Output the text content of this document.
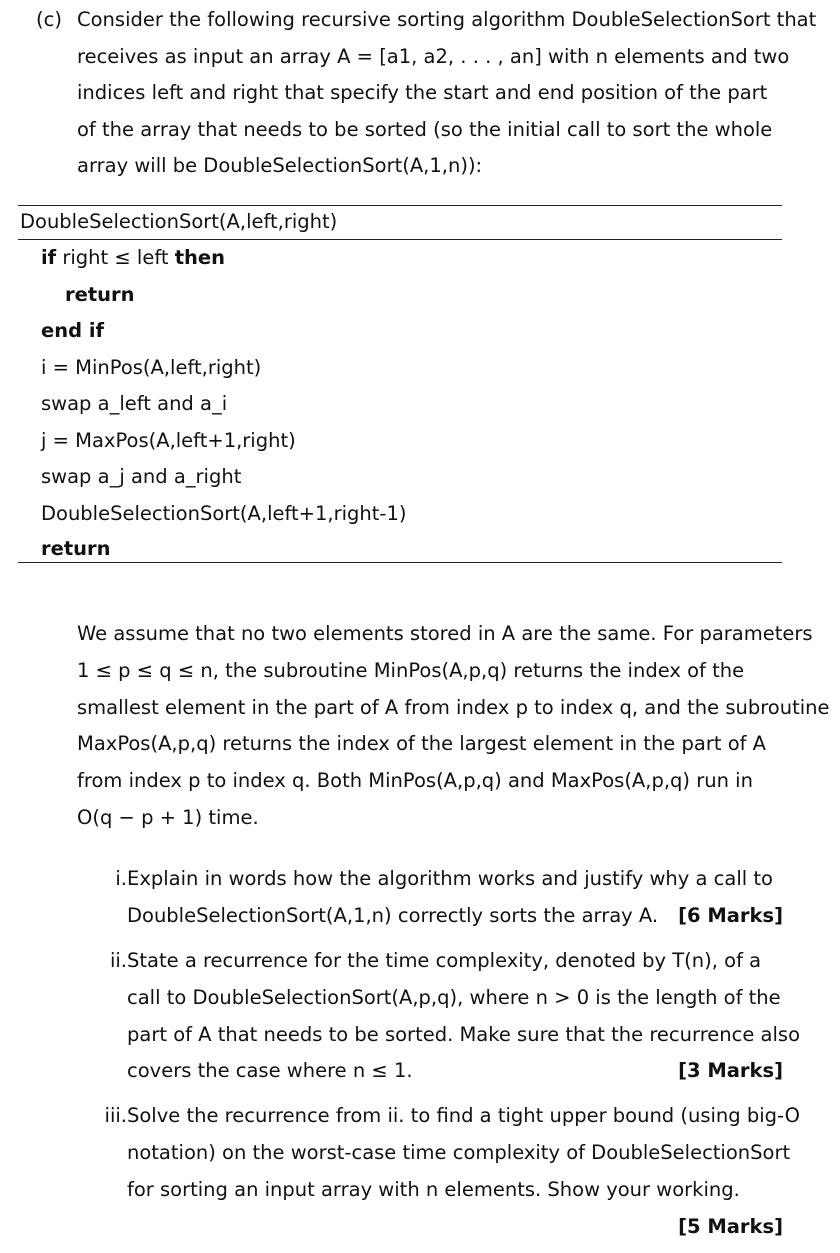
(c) Consider the following recursive sorting algorithm DoubleSelectionSort that
receives as input an array A = [a1, a2, . . . , an] with n elements and two
indices left and right that specify the start and end position of the part
of the array that needs to be sorted (so the initial call to sort the whole
array will be DoubleSelectionSort(A,1,n)):
DoubleSelectionSort(A,left,right)
if right ≤ left then
return
end if
i = MinPos(A,left,right)
swap a_left and a_i
j = MaxPos(A,left+1,right)
swap a_j and a_right
DoubleSelectionSort(A,left+1,right-1)
return
We assume that no two elements stored in A are the same. For parameters
1 ≤ p ≤ q ≤ n, the subroutine MinPos(A,p,q) returns the index of the
smallest element in the part of A from index p to index q, and the subroutine
MaxPos(A,p,q) returns the index of the largest element in the part of A
from index p to index q. Both MinPos(A,p,q) and MaxPos(A,p,q) run in
O(q − p + 1) time.
i. Explain in words how the algorithm works and justify why a call to
DoubleSelectionSort(A,1,n) correctly sorts the array A.	[6 Marks]
ii. State a recurrence for the time complexity, denoted by T(n), of a
call to DoubleSelectionSort(A,p,q), where n > 0 is the length of the
part of A that needs to be sorted. Make sure that the recurrence also
covers the case where n ≤ 1.	[3 Marks]
iii. Solve the recurrence from ii. to find a tight upper bound (using big-O
notation) on the worst-case time complexity of DoubleSelectionSort
for sorting an input array with n elements. Show your working.
[5 Marks]
